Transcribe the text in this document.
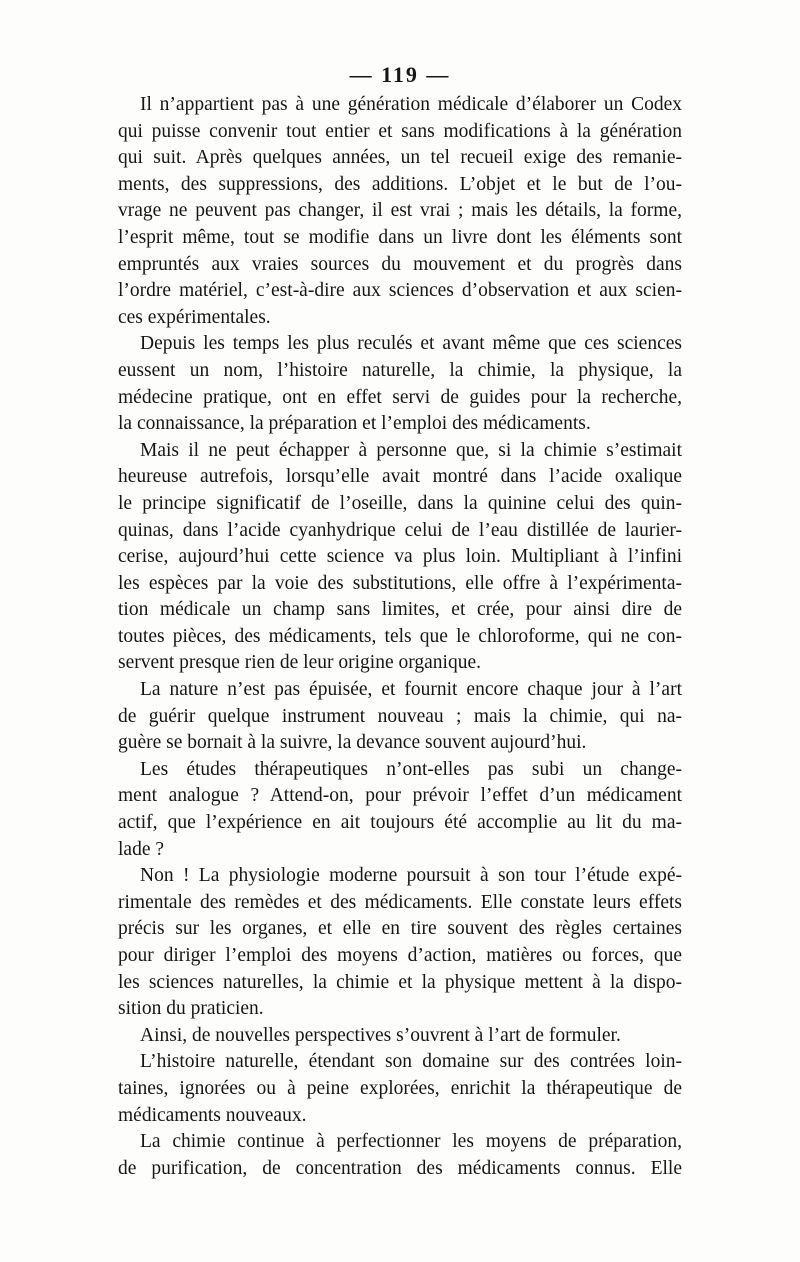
— 119 —
Il n’appartient pas à une génération médicale d’élaborer un Codex
qui puisse convenir tout entier et sans modifications à la génération
qui suit. Après quelques années, un tel recueil exige des remanie-
ments, des suppressions, des additions. L’objet et le but de l’ou-
vrage ne peuvent pas changer, il est vrai ; mais les détails, la forme,
l’esprit même, tout se modifie dans un livre dont les éléments sont
empruntés aux vraies sources du mouvement et du progrès dans
l’ordre matériel, c’est-à-dire aux sciences d’observation et aux scien-
ces expérimentales.
Depuis les temps les plus reculés et avant même que ces sciences
eussent un nom, l’histoire naturelle, la chimie, la physique, la
médecine pratique, ont en effet servi de guides pour la recherche,
la connaissance, la préparation et l’emploi des médicaments.
Mais il ne peut échapper à personne que, si la chimie s’estimait
heureuse autrefois, lorsqu’elle avait montré dans l’acide oxalique
le principe significatif de l’oseille, dans la quinine celui des quin-
quinas, dans l’acide cyanhydrique celui de l’eau distillée de laurier-
cerise, aujourd’hui cette science va plus loin. Multipliant à l’infini
les espèces par la voie des substitutions, elle offre à l’expérimenta-
tion médicale un champ sans limites, et crée, pour ainsi dire de
toutes pièces, des médicaments, tels que le chloroforme, qui ne con-
servent presque rien de leur origine organique.
La nature n’est pas épuisée, et fournit encore chaque jour à l’art
de guérir quelque instrument nouveau ; mais la chimie, qui na-
guère se bornait à la suivre, la devance souvent aujourd’hui.
Les études thérapeutiques n’ont-elles pas subi un change-
ment analogue ? Attend-on, pour prévoir l’effet d’un médicament
actif, que l’expérience en ait toujours été accomplie au lit du ma-
lade ?
Non ! La physiologie moderne poursuit à son tour l’étude expé-
rimentale des remèdes et des médicaments. Elle constate leurs effets
précis sur les organes, et elle en tire souvent des règles certaines
pour diriger l’emploi des moyens d’action, matières ou forces, que
les sciences naturelles, la chimie et la physique mettent à la dispo-
sition du praticien.
Ainsi, de nouvelles perspectives s’ouvrent à l’art de formuler.
L’histoire naturelle, étendant son domaine sur des contrées loin-
taines, ignorées ou à peine explorées, enrichit la thérapeutique de
médicaments nouveaux.
La chimie continue à perfectionner les moyens de préparation,
de purification, de concentration des médicaments connus. Elle
